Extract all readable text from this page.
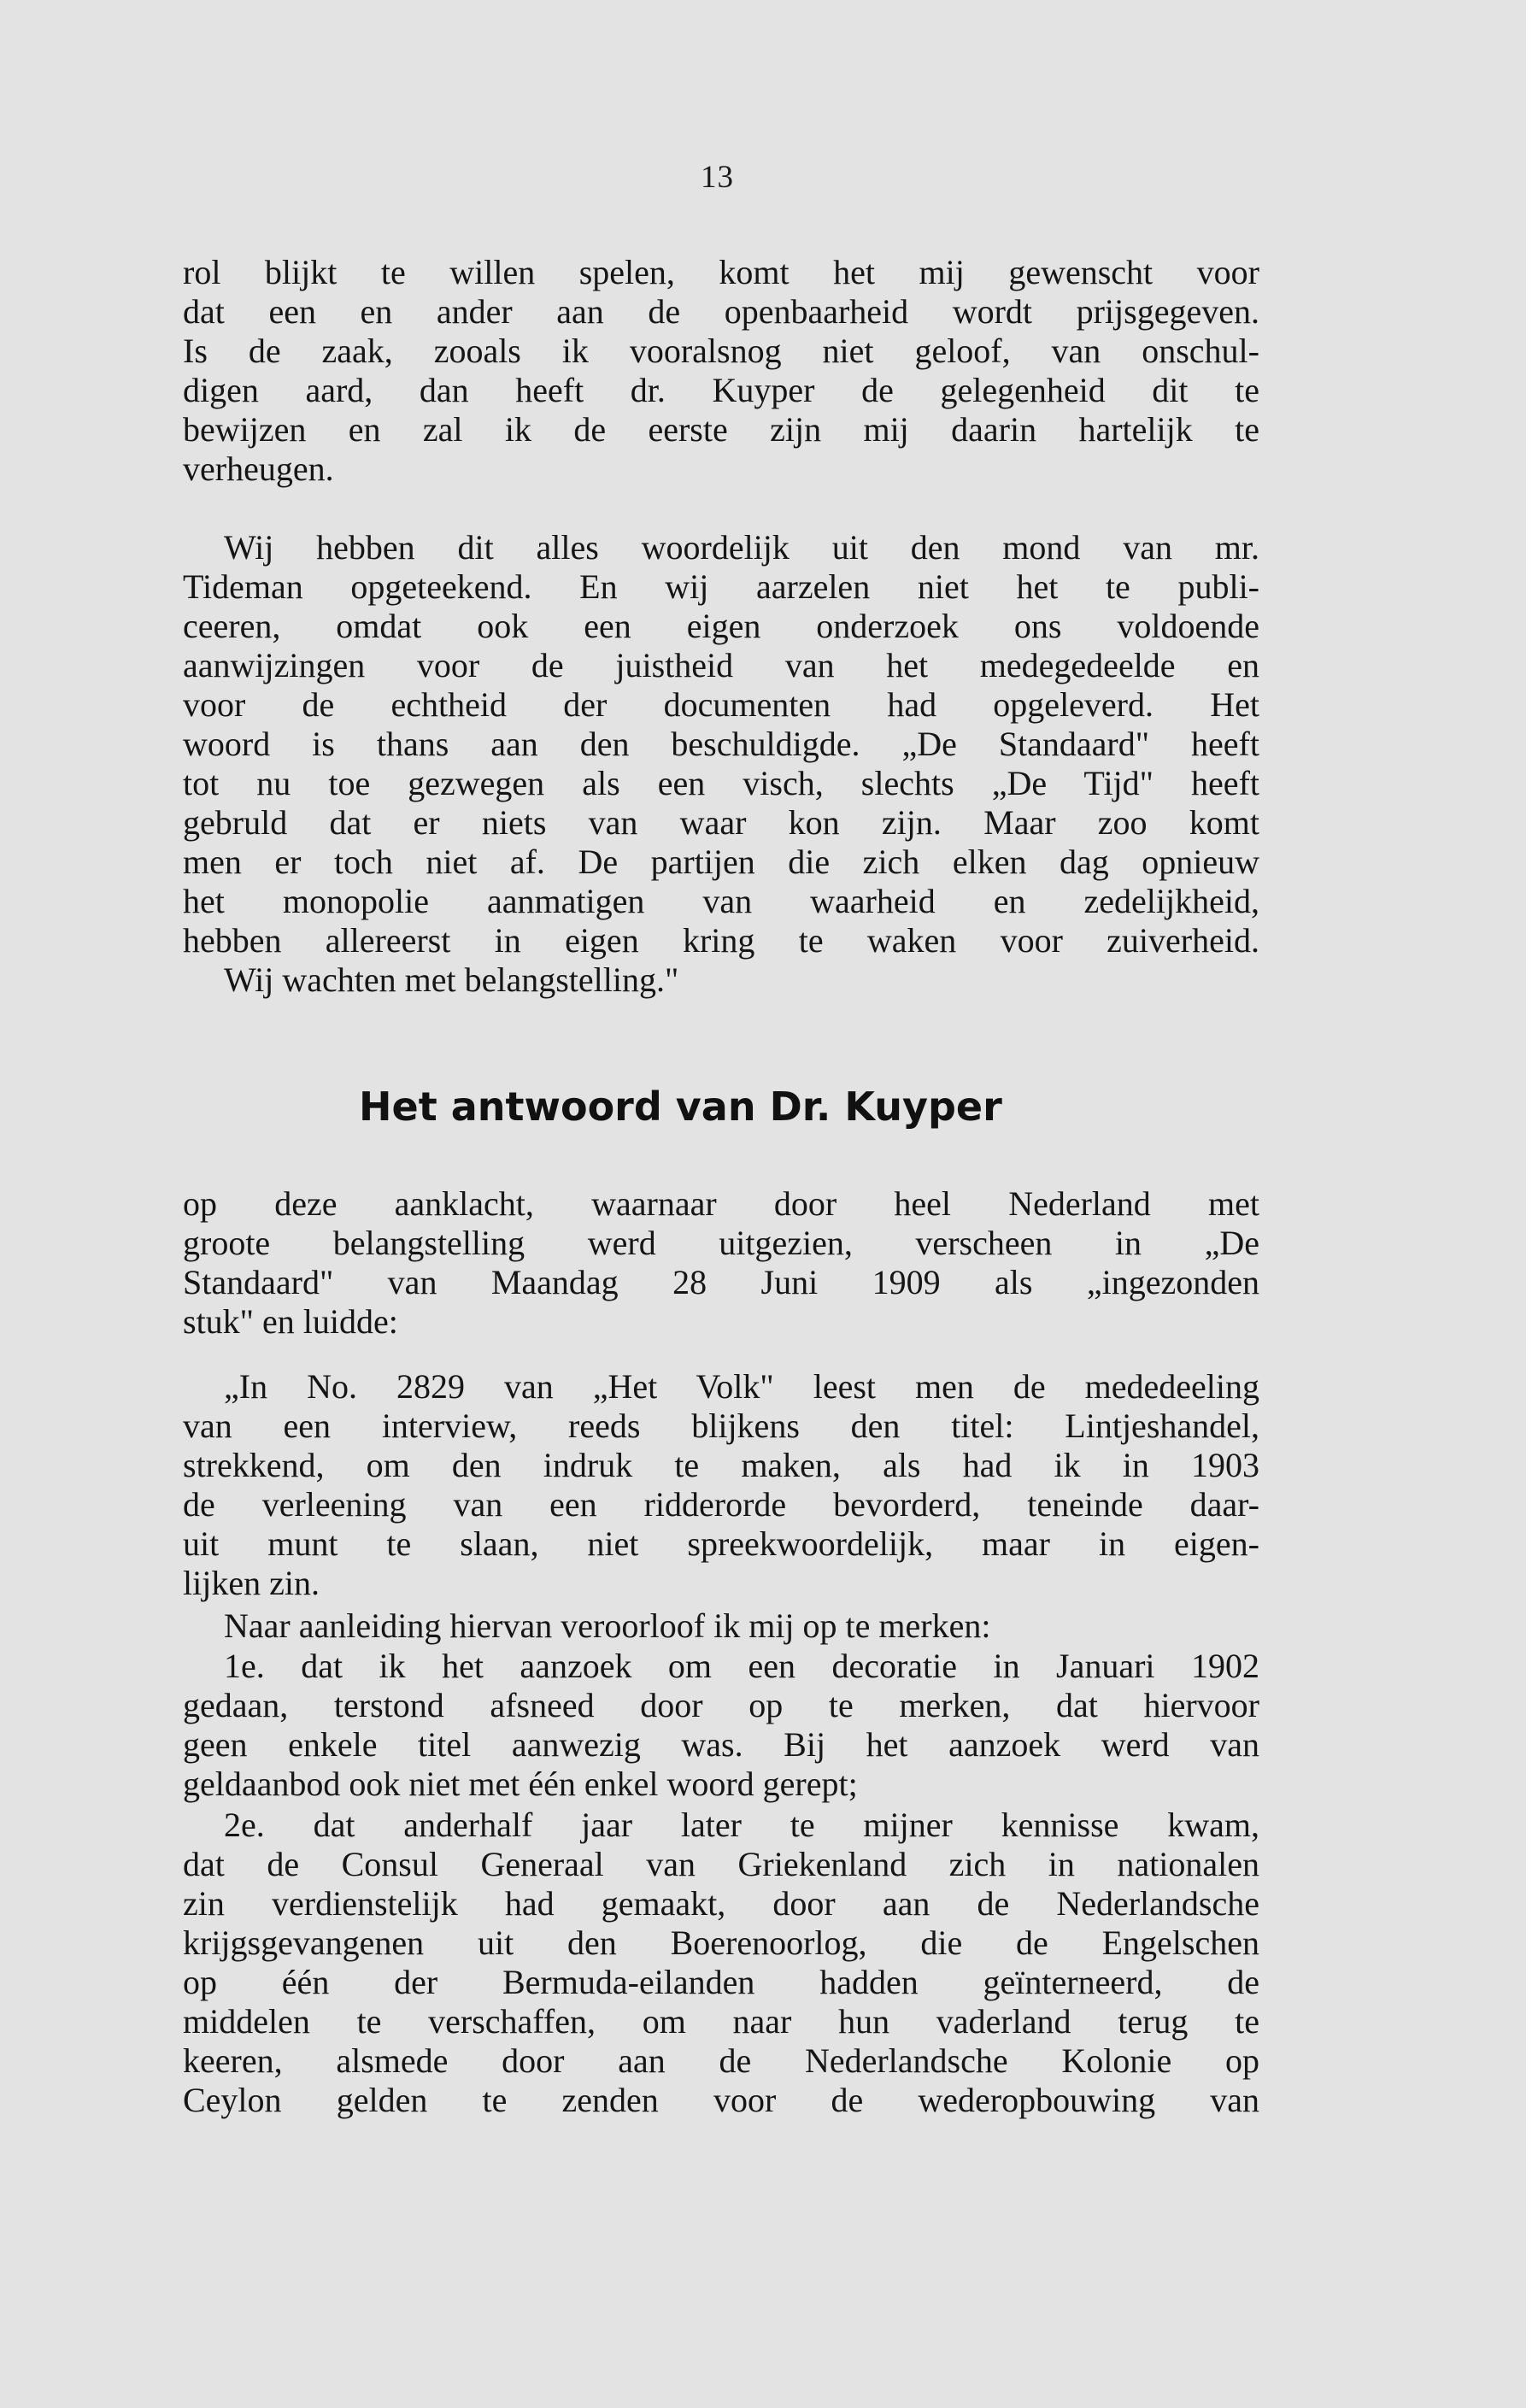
13
rol blijkt te willen spelen, komt het mij gewenscht voor
dat een en ander aan de openbaarheid wordt prijsgegeven.
Is de zaak, zooals ik vooralsnog niet geloof, van onschul-
digen aard, dan heeft dr. Kuyper de gelegenheid dit te
bewijzen en zal ik de eerste zijn mij daarin hartelijk te
verheugen.
Wij hebben dit alles woordelijk uit den mond van mr.
Tideman opgeteekend. En wij aarzelen niet het te publi-
ceeren, omdat ook een eigen onderzoek ons voldoende
aanwijzingen voor de juistheid van het medegedeelde en
voor de echtheid der documenten had opgeleverd. Het
woord is thans aan den beschuldigde. „De Standaard" heeft
tot nu toe gezwegen als een visch, slechts „De Tijd" heeft
gebruld dat er niets van waar kon zijn. Maar zoo komt
men er toch niet af. De partijen die zich elken dag opnieuw
het monopolie aanmatigen van waarheid en zedelijkheid,
hebben allereerst in eigen kring te waken voor zuiverheid.
Wij wachten met belangstelling."
Het antwoord van Dr. Kuyper
op deze aanklacht, waarnaar door heel Nederland met
groote belangstelling werd uitgezien, verscheen in „De
Standaard" van Maandag 28 Juni 1909 als „ingezonden
stuk" en luidde:
„In No. 2829 van „Het Volk" leest men de mededeeling
van een interview, reeds blijkens den titel: Lintjeshandel,
strekkend, om den indruk te maken, als had ik in 1903
de verleening van een ridderorde bevorderd, teneinde daar-
uit munt te slaan, niet spreekwoordelijk, maar in eigen-
lijken zin.
Naar aanleiding hiervan veroorloof ik mij op te merken:
1e. dat ik het aanzoek om een decoratie in Januari 1902
gedaan, terstond afsneed door op te merken, dat hiervoor
geen enkele titel aanwezig was. Bij het aanzoek werd van
geldaanbod ook niet met één enkel woord gerept;
2e. dat anderhalf jaar later te mijner kennisse kwam,
dat de Consul Generaal van Griekenland zich in nationalen
zin verdienstelijk had gemaakt, door aan de Nederlandsche
krijgsgevangenen uit den Boerenoorlog, die de Engelschen
op één der Bermuda-eilanden hadden geïnterneerd, de
middelen te verschaffen, om naar hun vaderland terug te
keeren, alsmede door aan de Nederlandsche Kolonie op
Ceylon gelden te zenden voor de wederopbouwing van
